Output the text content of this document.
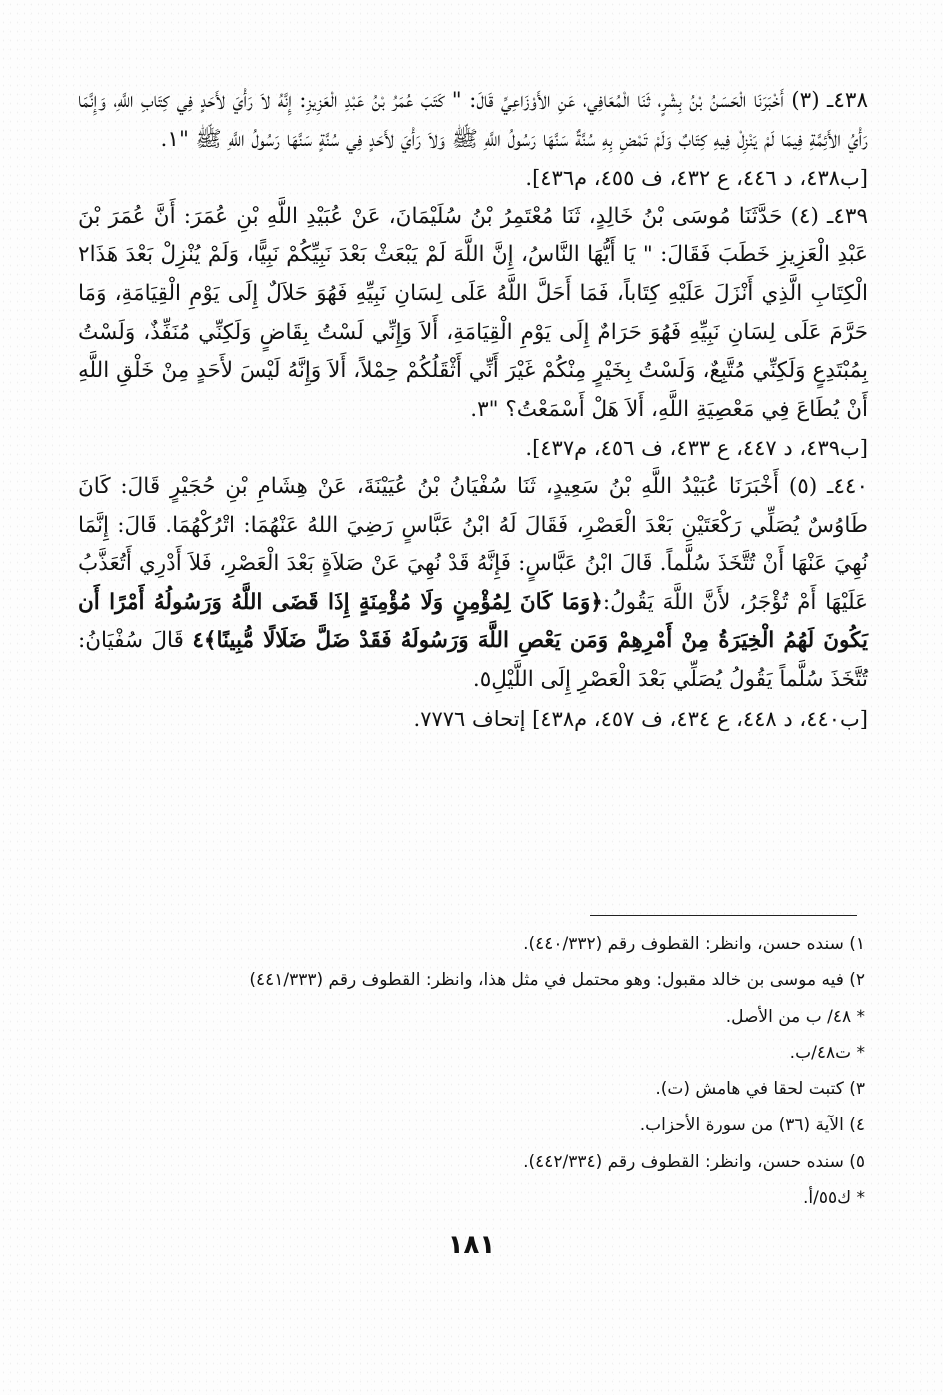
٤٣٨ـ (٣) أَخْبَرَنَا الْحَسَنُ بْنُ بِشْرٍ، ثَنَا الْمُعَافِي، عَنِ الأَوْزَاعِيِّ قَالَ: " كَتَبَ عُمَرُ بْنُ عَبْدِ الْعَزِيزِ: إِنَّهُ لاَ رَأْيَ لأَحَدٍ فِي كِتَابِ اللَّهِ، وَإِنَّمَا رَأْيُ الأَئِمَّةِ فِيمَا لَمْ يَنْزِلْ فِيهِ كِتَابٌ وَلَمْ تَمْضِ بِهِ سُنَّةٌ سَنَّهَا رَسُولُ اللَّهِ ﷺ وَلاَ رَأْيَ لأَحَدٍ فِي سُنَّةٍ سَنَّهَا رَسُولُ اللَّهِ ﷺ "١.

[ب٤٣٨، د ٤٤٦، ع ٤٣٢، ف ٤٥٥، م٤٣٦].

٤٣٩ـ (٤) حَدَّثَنَا مُوسَى بْنُ خَالِدٍ، ثَنَا مُعْتَمِرُ بْنُ سُلَيْمَانَ، عَنْ عُبَيْدِ اللَّهِ بْنِ عُمَرَ: أَنَّ عُمَرَ بْنَ عَبْدِ الْعَزِيزِ خَطَبَ فَقَالَ: " يَا أَيُّهَا النَّاسُ، إِنَّ اللَّهَ لَمْ يَبْعَثْ بَعْدَ نَبِيِّكُمْ نَبِيًّا، وَلَمْ يُنْزِلْ بَعْدَ هَذَا٢ الْكِتَابِ الَّذِي أَنْزَلَ عَلَيْهِ كِتَاباً، فَمَا أَحَلَّ اللَّهُ عَلَى لِسَانِ نَبِيِّهِ فَهُوَ حَلاَلٌ إِلَى يَوْمِ الْقِيَامَةِ، وَمَا حَرَّمَ عَلَى لِسَانِ نَبِيِّهِ فَهُوَ حَرَامٌ إِلَى يَوْمِ الْقِيَامَةِ، أَلاَ وَإِنِّي لَسْتُ بِقَاضٍ وَلَكِنِّي مُنَفِّذٌ، وَلَسْتُ بِمُبْتَدِعٍ وَلَكِنِّي مُتَّبِعٌ، وَلَسْتُ بِخَيْرٍ مِنْكُمْ غَيْرَ أَنِّي أَثْقَلُكُمْ حِمْلاً، أَلاَ وَإِنَّهُ لَيْسَ لأَحَدٍ مِنْ خَلْقِ اللَّهِ أَنْ يُطَاعَ فِي مَعْصِيَةِ اللَّهِ، أَلاَ هَلْ أَسْمَعْتُ؟ "٣.

[ب٤٣٩، د ٤٤٧، ع ٤٣٣، ف ٤٥٦، م٤٣٧].

٤٤٠ـ (٥) أَخْبَرَنَا عُبَيْدُ اللَّهِ بْنُ سَعِيدٍ، ثَنَا سُفْيَانُ بْنُ عُيَيْنَةَ، عَنْ هِشَامِ بْنِ حُجَيْرٍ قَالَ: كَانَ طَاوُسٌ يُصَلِّي رَكْعَتَيْنِ بَعْدَ الْعَصْرِ، فَقَالَ لَهُ ابْنُ عَبَّاسٍ رَضِيَ اللهُ عَنْهُمَا: اتْرُكْهُمَا. قَالَ: إِنَّمَا نُهِيَ عَنْهَا أَنْ تُتَّخَذَ سُلَّماً. قَالَ ابْنُ عَبَّاسٍ: فَإِنَّهُ قَدْ نُهِيَ عَنْ صَلاَةٍ بَعْدَ الْعَصْرِ، فَلاَ أَدْرِي أَتُعَذَّبُ عَلَيْهَا أَمْ تُؤْجَرُ، لأَنَّ اللَّهَ يَقُولُ:﴿وَمَا كَانَ لِمُؤْمِنٍ وَلَا مُؤْمِنَةٍ إِذَا قَضَى اللَّهُ وَرَسُولُهُ أَمْرًا أَن يَكُونَ لَهُمُ الْخِيَرَةُ مِنْ أَمْرِهِمْ وَمَن يَعْصِ اللَّهَ وَرَسُولَهُ فَقَدْ ضَلَّ ضَلَالًا مُّبِينًا﴾٤ قَالَ سُفْيَانُ: تُتَّخَذَ سُلَّماً يَقُولُ يُصَلِّي بَعْدَ الْعَصْرِ إِلَى اللَّيْلِ٥.

[ب٤٤٠، د ٤٤٨، ع ٤٣٤، ف ٤٥٧، م٤٣٨] إتحاف ٧٧٧٦.

١) سنده حسن، وانظر: القطوف رقم (٤٤٠/٣٣٢).
٢) فيه موسى بن خالد مقبول: وهو محتمل في مثل هذا، وانظر: القطوف رقم (٤٤١/٣٣٣)
* ٤٨/ ب من الأصل.
* ت٤٨/ب.
٣) كتبت لحقا في هامش (ت).
٤) الآية (٣٦) من سورة الأحزاب.
٥) سنده حسن، وانظر: القطوف رقم (٤٤٢/٣٣٤).
* ك٥٥/أ.
١٨١
